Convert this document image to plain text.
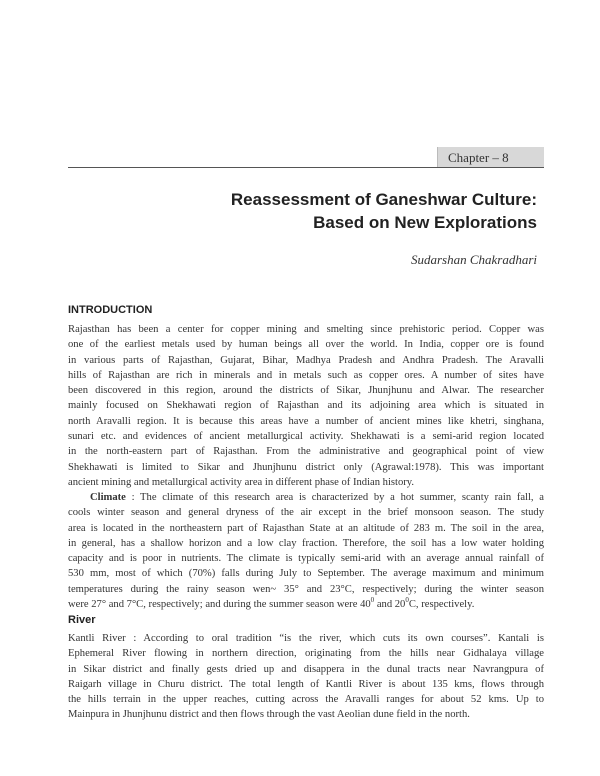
Chapter – 8
Reassessment of Ganeshwar Culture:
Based on New Explorations
Sudarshan Chakradhari
INTRODUCTION
Rajasthan has been a center for copper mining and smelting since prehistoric period. Copper was
one of the earliest metals used by human beings all over the world. In India, copper ore is found
in various parts of Rajasthan, Gujarat, Bihar, Madhya Pradesh and Andhra Pradesh. The Aravalli
hills of Rajasthan are rich in minerals and in metals such as copper ores. A number of sites have
been discovered in this region, around the districts of Sikar, Jhunjhunu and Alwar. The researcher
mainly focused on Shekhawati region of Rajasthan and its adjoining area which is situated in
north Aravalli region. It is because this areas have a number of ancient mines like khetri, singhana,
sunari etc. and evidences of ancient metallurgical activity. Shekhawati is a semi-arid region located
in the north-eastern part of Rajasthan. From the administrative and geographical point of view
Shekhawati is limited to Sikar and Jhunjhunu district only (Agrawal:1978). This was important
ancient mining and metallurgical activity area in different phase of Indian history.
Climate : The climate of this research area is characterized by a hot summer, scanty rain fall, a
cools winter season and general dryness of the air except in the brief monsoon season. The study
area is located in the northeastern part of Rajasthan State at an altitude of 283 m. The soil in the area,
in general, has a shallow horizon and a low clay fraction. Therefore, the soil has a low water holding
capacity and is poor in nutrients. The climate is typically semi-arid with an average annual rainfall of
530 mm, most of which (70%) falls during July to September. The average maximum and minimum
temperatures during the rainy season wen~ 35° and 23°C, respectively; during the winter season
were 27° and 7°C, respectively; and during the summer season were $40^0$ and $20^0C$, respectively.
River
Kantli River : According to oral tradition “is the river, which cuts its own courses”. Kantali is
Ephemeral River flowing in northern direction, originating from the hills near Gidhalaya village
in Sikar district and finally gests dried up and disappera in the dunal tracts near Navrangpura of
Raigarh village in Churu district. The total length of Kantli River is about 135 kms, flows through
the hills terrain in the upper reaches, cutting across the Aravalli ranges for about 52 kms. Up to
Mainpura in Jhunjhunu district and then flows through the vast Aeolian dune field in the north.
